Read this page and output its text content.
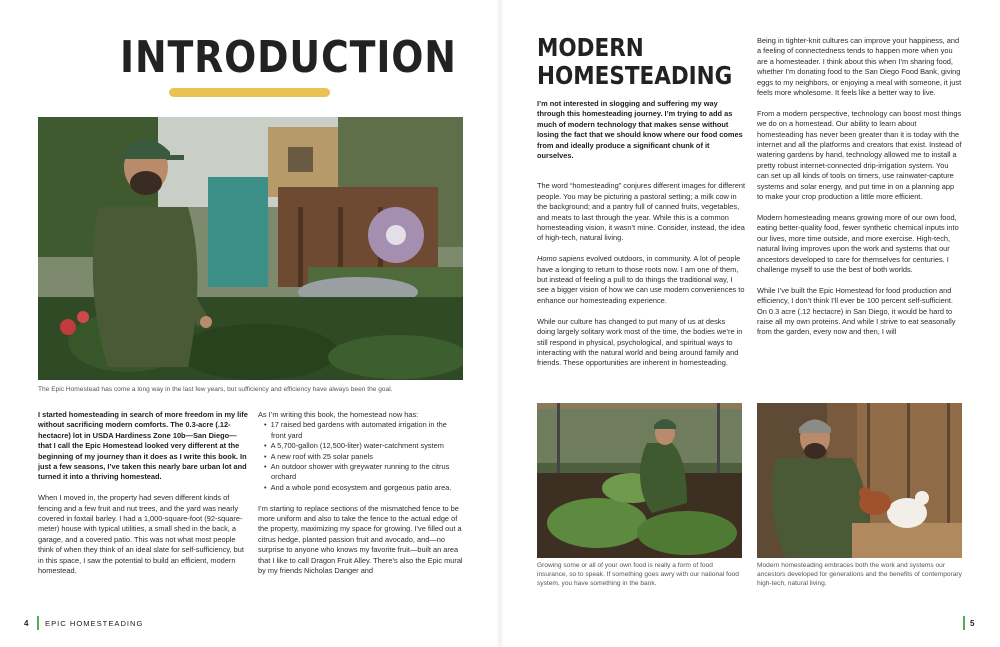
INTRODUCTION
The Epic Homestead has come a long way in the last few years, but sufficiency and efficiency have always been the goal.

I started homesteading in search of more freedom in my life without sacrificing modern comforts. The 0.3-acre (.12-hectacre) lot in USDA Hardiness Zone 10b—San Diego—that I call the Epic Homestead looked very different at the beginning of my journey than it does as I write this book. In just a few seasons, I’ve taken this nearly bare urban lot and turned it into a thriving homestead.

When I moved in, the property had seven different kinds of fencing and a few fruit and nut trees, and the yard was nearly covered in foxtail barley. I had a 1,000-square-foot (92-square-meter) house with typical utilities, a small shed in the back, a garage, and a covered patio. This was not what most people think of when they think of an ideal slate for self-sufficiency, but in this space, I saw the potential to build an efficient, modern homestead.

As I’m writing this book, the homestead now has:

• 17 raised bed gardens with automated irrigation in the front yard
• A 5,700-gallon (12,500-liter) water-catchment system
• A new roof with 25 solar panels
• An outdoor shower with greywater running to the citrus orchard
• And a whole pond ecosystem and gorgeous patio area.

I’m starting to replace sections of the mismatched fence to be more uniform and also to take the fence to the actual edge of the property, maximizing my space for growing. I’ve filled out a citrus hedge, planted passion fruit and avocado, and—no surprise to anyone who knows my favorite fruit—built an area that I like to call Dragon Fruit Alley. There’s also the Epic mural by my friends Nicholas Danger and

4 EPIC HOMESTEADING
MODERN HOMESTEADING

I’m not interested in slogging and suffering my way through this homesteading journey. I’m trying to add as much of modern technology that makes sense without losing the fact that we should know where our food comes from and ideally produce a significant chunk of it ourselves.

The word “homesteading” conjures different images for different people. You may be picturing a pastoral setting; a milk cow in the background; and a pantry full of canned fruits, vegetables, and meats to last through the year. While this is a common homesteading vision, it wasn’t mine. Consider, instead, the idea of high-tech, natural living.

Homo sapiens evolved outdoors, in community. A lot of people have a longing to return to those roots now. I am one of them, but instead of feeling a pull to do things the traditional way, I see a bigger vision of how we can use modern conveniences to enhance our homesteading experience.

While our culture has changed to put many of us at desks doing largely solitary work most of the time, the bodies we’re in still respond in physical, psychological, and spiritual ways to interacting with the natural world and being around family and friends. These opportunities are inherent in homesteading.

Being in tighter-knit cultures can improve your happiness, and a feeling of connectedness tends to happen more when you are a homesteader. I think about this when I’m sharing food, whether I’m donating food to the San Diego Food Bank, giving eggs to my neighbors, or enjoying a meal with someone, it just feels more wholesome. It feels like a better way to live.

From a modern perspective, technology can boost most things we do on a homestead. Our ability to learn about homesteading has never been greater than it is today with the internet and all the platforms and creators that exist. Instead of watering gardens by hand, technology allowed me to install a pretty robust internet-connected drip-irrigation system. You can set up all kinds of tools on timers, use rainwater-capture systems and solar energy, and put time in on a planning app to make your crop production a little more efficient.

Modern homesteading means growing more of our own food, eating better-quality food, fewer synthetic chemical inputs into our lives, more time outside, and more exercise. High-tech, natural living improves upon the work and systems that our ancestors developed to care for themselves for centuries. I challenge myself to use the best of both worlds.

While I’ve built the Epic Homestead for food production and efficiency, I don’t think I’ll ever be 100 percent self-sufficient. On 0.3 acre (.12 hectacre) in San Diego, it would be hard to raise all my own proteins. And while I strive to eat seasonally from the garden, every now and then, I will

Growing some or all of your own food is really a form of food insurance, so to speak. If something goes awry with our national food system, you have something in the bank.
Modern homesteading embraces both the work and systems our ancestors developed for generations and the benefits of contemporary high-tech, natural living.
5
